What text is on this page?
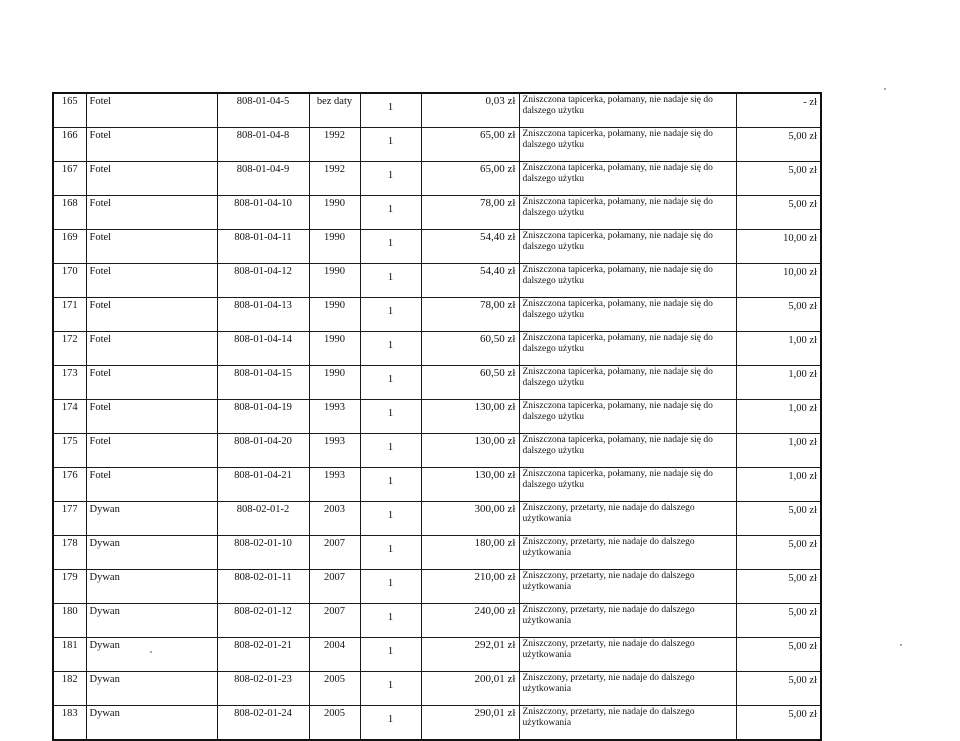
165	Fotel	808-01-04-5	bez daty	1	0,03 zł	Zniszczona tapicerka, połamany, nie nadaje się do dalszego użytku	- zł
166	Fotel	808-01-04-8	1992	1	65,00 zł	Zniszczona tapicerka, połamany, nie nadaje się do dalszego użytku	5,00 zł
167	Fotel	808-01-04-9	1992	1	65,00 zł	Zniszczona tapicerka, połamany, nie nadaje się do dalszego użytku	5,00 zł
168	Fotel	808-01-04-10	1990	1	78,00 zł	Zniszczona tapicerka, połamany, nie nadaje się do dalszego użytku	5,00 zł
169	Fotel	808-01-04-11	1990	1	54,40 zł	Zniszczona tapicerka, połamany, nie nadaje się do dalszego użytku	10,00 zł
170	Fotel	808-01-04-12	1990	1	54,40 zł	Zniszczona tapicerka, połamany, nie nadaje się do dalszego użytku	10,00 zł
171	Fotel	808-01-04-13	1990	1	78,00 zł	Zniszczona tapicerka, połamany, nie nadaje się do dalszego użytku	5,00 zł
172	Fotel	808-01-04-14	1990	1	60,50 zł	Zniszczona tapicerka, połamany, nie nadaje się do dalszego użytku	1,00 zł
173	Fotel	808-01-04-15	1990	1	60,50 zł	Zniszczona tapicerka, połamany, nie nadaje się do dalszego użytku	1,00 zł
174	Fotel	808-01-04-19	1993	1	130,00 zł	Zniszczona tapicerka, połamany, nie nadaje się do dalszego użytku	1,00 zł
175	Fotel	808-01-04-20	1993	1	130,00 zł	Zniszczona tapicerka, połamany, nie nadaje się do dalszego użytku	1,00 zł
176	Fotel	808-01-04-21	1993	1	130,00 zł	Zniszczona tapicerka, połamany, nie nadaje się do dalszego użytku	1,00 zł
177	Dywan	808-02-01-2	2003	1	300,00 zł	Zniszczony, przetarty, nie nadaje do dalszego użytkowania	5,00 zł
178	Dywan	808-02-01-10	2007	1	180,00 zł	Zniszczony, przetarty, nie nadaje do dalszego użytkowania	5,00 zł
179	Dywan	808-02-01-11	2007	1	210,00 zł	Zniszczony, przetarty, nie nadaje do dalszego użytkowania	5,00 zł
180	Dywan	808-02-01-12	2007	1	240,00 zł	Zniszczony, przetarty, nie nadaje do dalszego użytkowania	5,00 zł
181	Dywan	808-02-01-21	2004	1	292,01 zł	Zniszczony, przetarty, nie nadaje do dalszego użytkowania	5,00 zł
182	Dywan	808-02-01-23	2005	1	200,01 zł	Zniszczony, przetarty, nie nadaje do dalszego użytkowania	5,00 zł
183	Dywan	808-02-01-24	2005	1	290,01 zł	Zniszczony, przetarty, nie nadaje do dalszego użytkowania	5,00 zł
